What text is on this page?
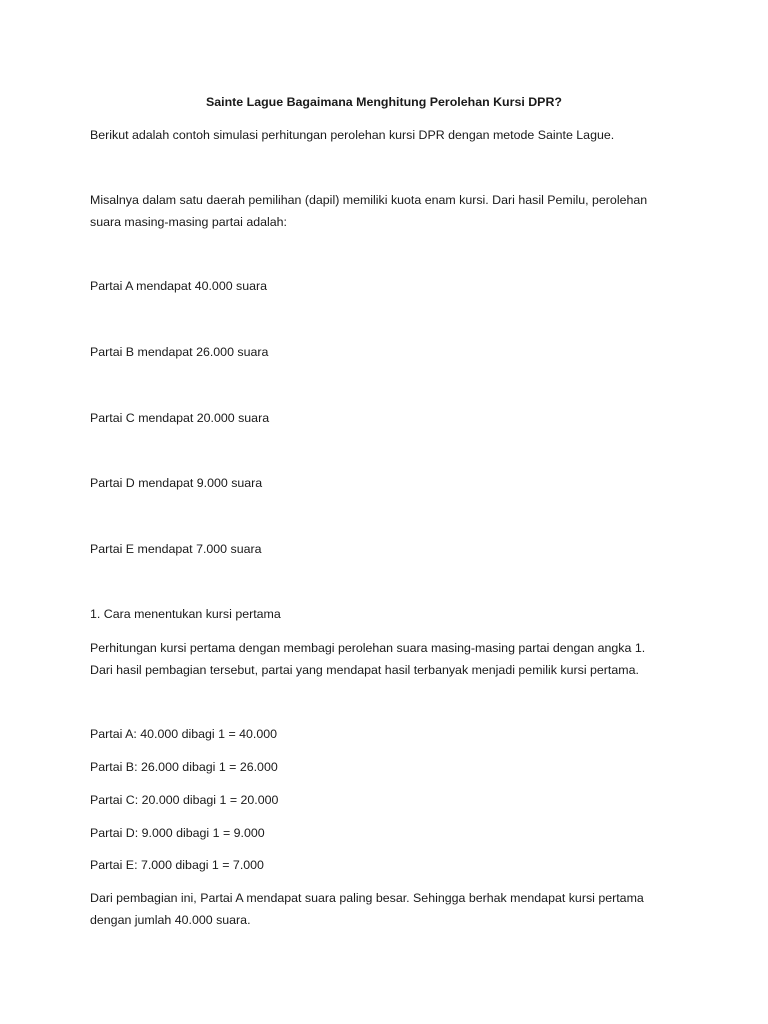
Sainte Lague Bagaimana Menghitung Perolehan Kursi DPR?

Berikut adalah contoh simulasi perhitungan perolehan kursi DPR dengan metode Sainte Lague.

Misalnya dalam satu daerah pemilihan (dapil) memiliki kuota enam kursi. Dari hasil Pemilu, perolehan

suara masing-masing partai adalah:

Partai A mendapat 40.000 suara

Partai B mendapat 26.000 suara

Partai C mendapat 20.000 suara

Partai D mendapat 9.000 suara

Partai E mendapat 7.000 suara

1. Cara menentukan kursi pertama

Perhitungan kursi pertama dengan membagi perolehan suara masing-masing partai dengan angka 1.

Dari hasil pembagian tersebut, partai yang mendapat hasil terbanyak menjadi pemilik kursi pertama.

Partai A: 40.000 dibagi 1 = 40.000

Partai B: 26.000 dibagi 1 = 26.000

Partai C: 20.000 dibagi 1 = 20.000

Partai D: 9.000 dibagi 1 = 9.000

Partai E: 7.000 dibagi 1 = 7.000

Dari pembagian ini, Partai A mendapat suara paling besar. Sehingga berhak mendapat kursi pertama

dengan jumlah 40.000 suara.
